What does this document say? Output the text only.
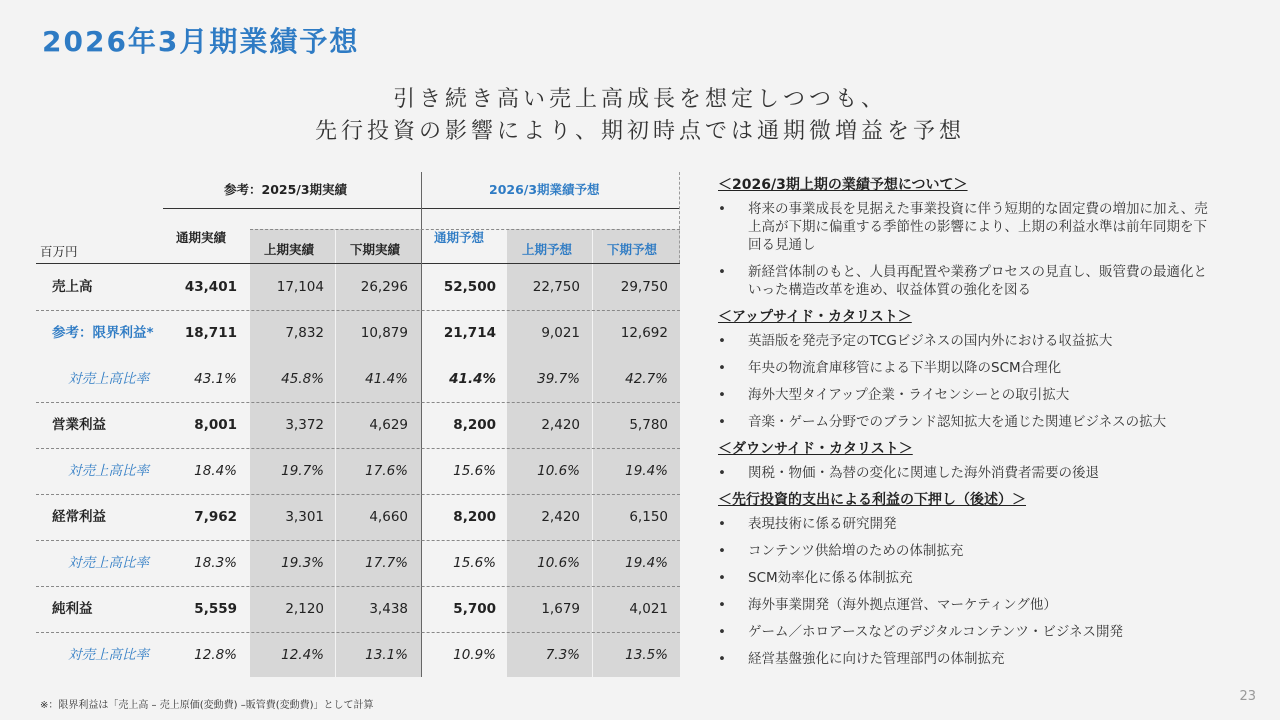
2026年3月期業績予想
引き続き高い売上高成長を想定しつつも、
先行投資の影響により、期初時点では通期微増益を予想
参考：2025/3期実績	2026/3期業績予想
百万円
通期実績
上期実績	下期実績
通期予想
上期予想	下期予想
売上高	43,401	17,104	26,296	52,500	22,750	29,750
参考：限界利益* 18,711	7,832	10,879	21,714	9,021	12,692
対売上高比率	43.1%	45.8%	41.4%	41.4%	39.7%	42.7%
営業利益	8,001	3,372	4,629	8,200	2,420	5,780
対売上高比率	18.4%	19.7%	17.6%	15.6%	10.6%	19.4%
経常利益	7,962	3,301	4,660	8,200	2,420	6,150
対売上高比率	18.3%	19.3%	17.7%	15.6%	10.6%	19.4%
純利益	5,559	2,120	3,438	5,700	1,679	4,021
対売上高比率	12.8%	12.4%	13.1%	10.9%	7.3%	13.5%
※：限界利益は「売上高 – 売上原価(変動費) –販管費(変動費)」として計算
23
＜2026/3期上期の業績予想について＞
• 将来の事業成長を見据えた事業投資に伴う短期的な固定費の増加に加え、売上高が下期に偏重する季節性の影響により、上期の利益水準は前年同期を下回る見通し
• 新経営体制のもと、人員再配置や業務プロセスの見直し、販管費の最適化といった構造改革を進め、収益体質の強化を図る
＜アップサイド・カタリスト＞
• 英語版を発売予定のTCGビジネスの国内外における収益拡大
• 年央の物流倉庫移管による下半期以降のSCM合理化
• 海外大型タイアップ企業・ライセンシーとの取引拡大
• 音楽・ゲーム分野でのブランド認知拡大を通じた関連ビジネスの拡大
＜ダウンサイド・カタリスト＞
• 関税・物価・為替の変化に関連した海外消費者需要の後退
＜先行投資的支出による利益の下押し（後述）＞
• 表現技術に係る研究開発
• コンテンツ供給増のための体制拡充
• SCM効率化に係る体制拡充
• 海外事業開発（海外拠点運営、マーケティング他）
• ゲーム／ホロアースなどのデジタルコンテンツ・ビジネス開発
• 経営基盤強化に向けた管理部門の体制拡充
